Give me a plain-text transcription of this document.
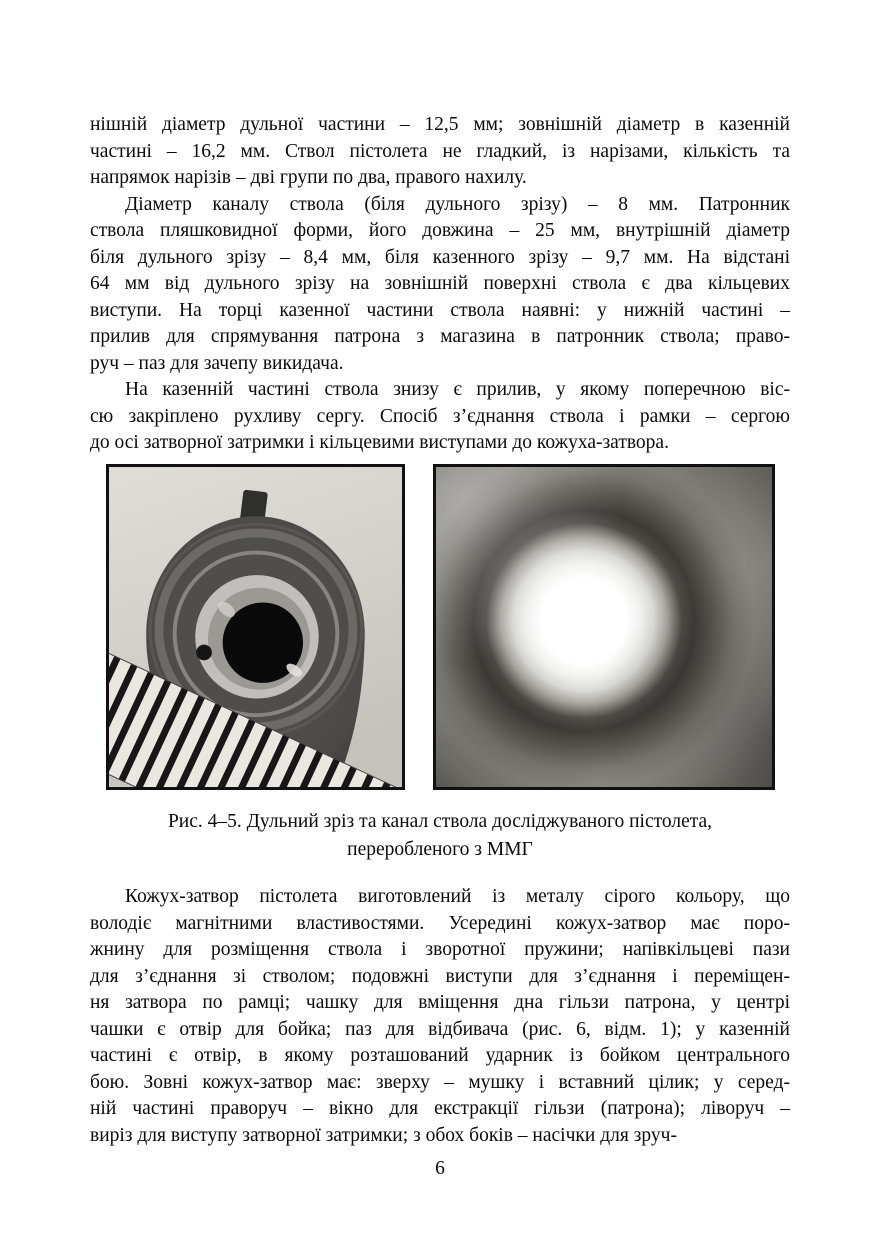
нішній діаметр дульної частини – 12,5 мм; зовнішній діаметр в казенній
частині – 16,2 мм. Ствол пістолета не гладкий, із нарізами, кількість та
напрямок нарізів – дві групи по два, правого нахилу.
Діаметр каналу ствола (біля дульного зрізу) – 8 мм. Патронник
ствола пляшковидної форми, його довжина – 25 мм, внутрішній діаметр
біля дульного зрізу – 8,4 мм, біля казенного зрізу – 9,7 мм. На відстані
64 мм від дульного зрізу на зовнішній поверхні ствола є два кільцевих
виступи. На торці казенної частини ствола наявні: у нижній частині –
прилив для спрямування патрона з магазина в патронник ствола; право-
руч – паз для зачепу викидача.
На казенній частині ствола знизу є прилив, у якому поперечною віс-
сю закріплено рухливу сергу. Спосіб з’єднання ствола і рамки – сергою
до осі затворної затримки і кільцевими виступами до кожуха-затвора.
Рис. 4–5. Дульний зріз та канал ствола досліджуваного пістолета,
переробленого з ММГ
Кожух-затвор пістолета виготовлений із металу сірого кольору, що
володіє магнітними властивостями. Усередині кожух-затвор має поро-
жнину для розміщення ствола і зворотної пружини; напівкільцеві пази
для з’єднання зі стволом; подовжні виступи для з’єднання і переміщен-
ня затвора по рамці; чашку для вміщення дна гільзи патрона, у центрі
чашки є отвір для бойка; паз для відбивача (рис. 6, відм. 1); у казенній
частині є отвір, в якому розташований ударник із бойком центрального
бою. Зовні кожух-затвор має: зверху – мушку і вставний цілик; у серед-
ній частині праворуч – вікно для екстракції гільзи (патрона); ліворуч –
виріз для виступу затворної затримки; з обох боків – насічки для зруч-
6
